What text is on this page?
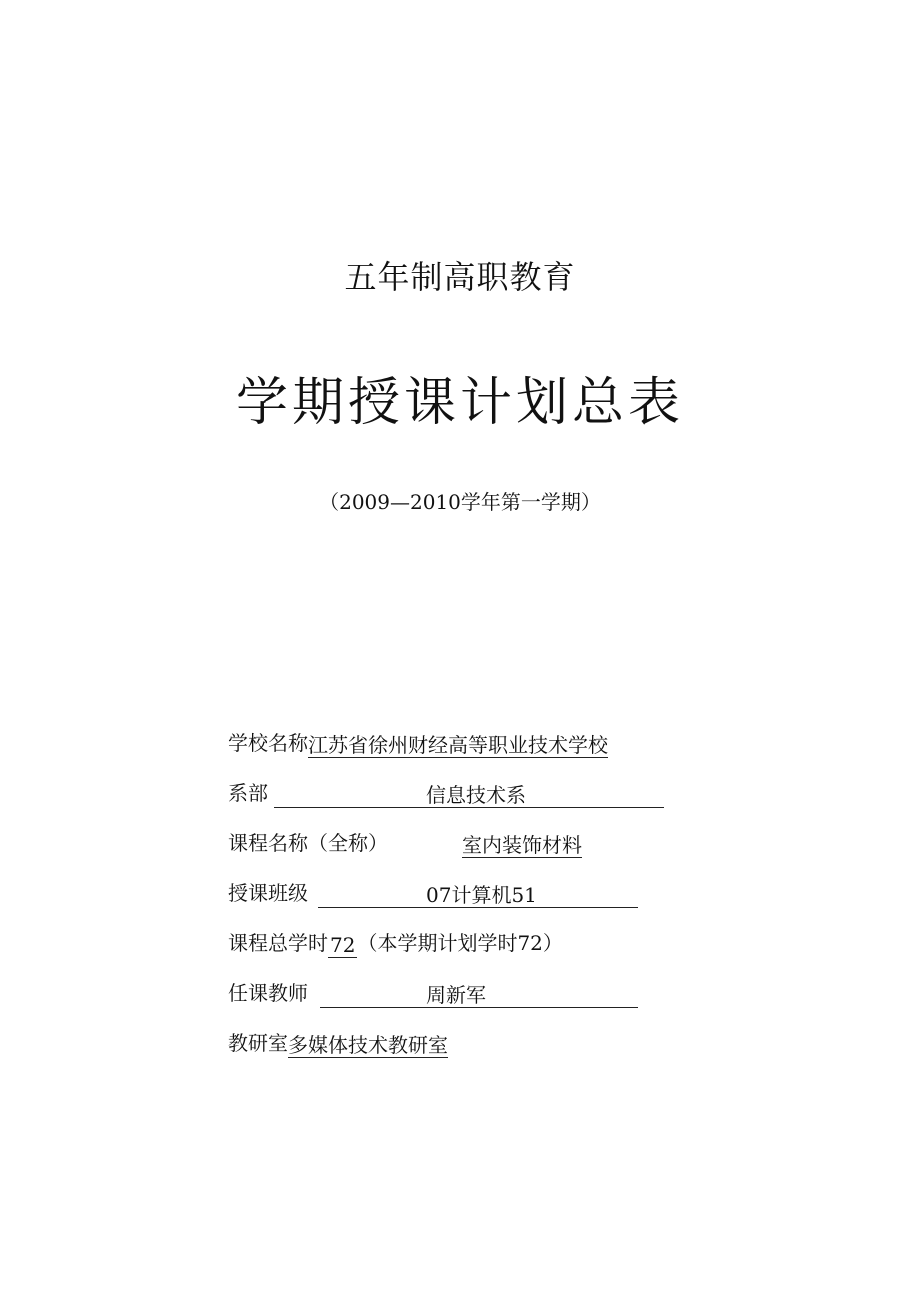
五年制高职教育
学期授课计划总表
（2009—2010学年第一学期）
学校名称江苏省徐州财经高等职业技术学校
系部	信息技术系
课程名称（全称）	室内装饰材料
授课班级	07计算机51
课程总学时 72 （本学期计划学时72）
任课教师	周新军
教研室多媒体技术教研室
